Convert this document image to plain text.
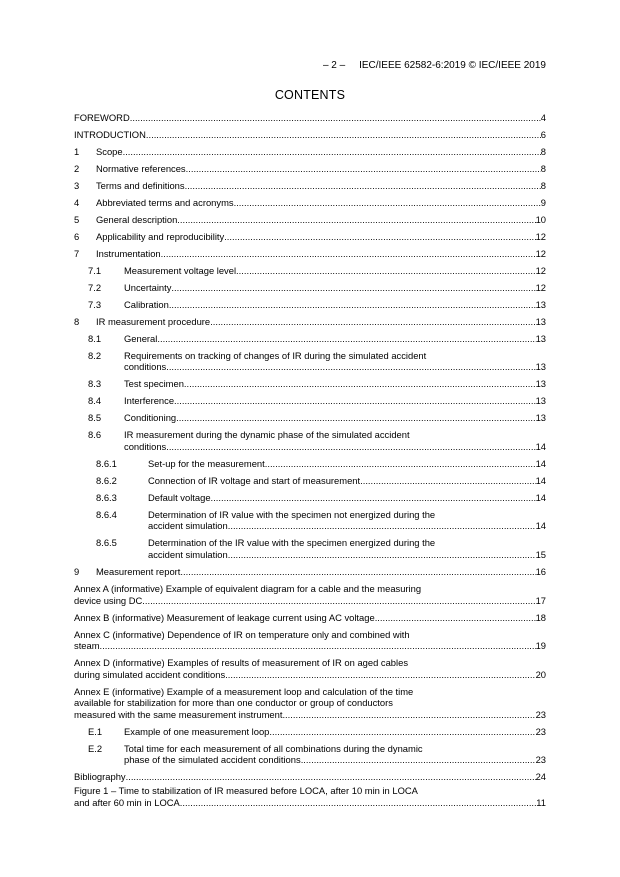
– 2 –     IEC/IEEE 62582-6:2019 © IEC/IEEE 2019
CONTENTS
FOREWORD .....	4
INTRODUCTION .....	6
1	Scope .....	8
2	Normative references .....	8
3	Terms and definitions .....	8
4	Abbreviated terms and acronyms .....	9
5	General description .....	10
6	Applicability and reproducibility .....	12
7	Instrumentation .....	12
7.1	Measurement voltage level .....	12
7.2	Uncertainty .....	12
7.3	Calibration .....	13
8	IR measurement procedure .....	13
8.1	General .....	13
8.2	Requirements on tracking of changes of IR during the simulated accident
conditions .....	13
8.3	Test specimen .....	13
8.4	Interference .....	13
8.5	Conditioning .....	13
8.6	IR measurement during the dynamic phase of the simulated accident
conditions .....	14
8.6.1	Set-up for the measurement .....	14
8.6.2	Connection of IR voltage and start of measurement .....	14
8.6.3	Default voltage .....	14
8.6.4	Determination of IR value with the specimen not energized during the
accident simulation .....	14
8.6.5	Determination of the IR value with the specimen energized during the
accident simulation .....	15
9	Measurement report .....	16
Annex A (informative) Example of equivalent diagram for a cable and the measuring
device using DC .....	17
Annex B (informative) Measurement of leakage current using AC voltage .....	18
Annex C (informative) Dependence of IR on temperature only and combined with
steam .....	19
Annex D (informative) Examples of results of measurement of IR on aged cables
during simulated accident conditions .....	20
Annex E (informative) Example of a measurement loop and calculation of the time
available for stabilization for more than one conductor or group of conductors
measured with the same measurement instrument .....	23
E.1	Example of one measurement loop .....	23
E.2	Total time for each measurement of all combinations during the dynamic
phase of the simulated accident conditions .....	23
Bibliography .....	24
Figure 1 – Time to stabilization of IR measured before LOCA, after 10 min in LOCA
and after 60 min in LOCA .....	11
